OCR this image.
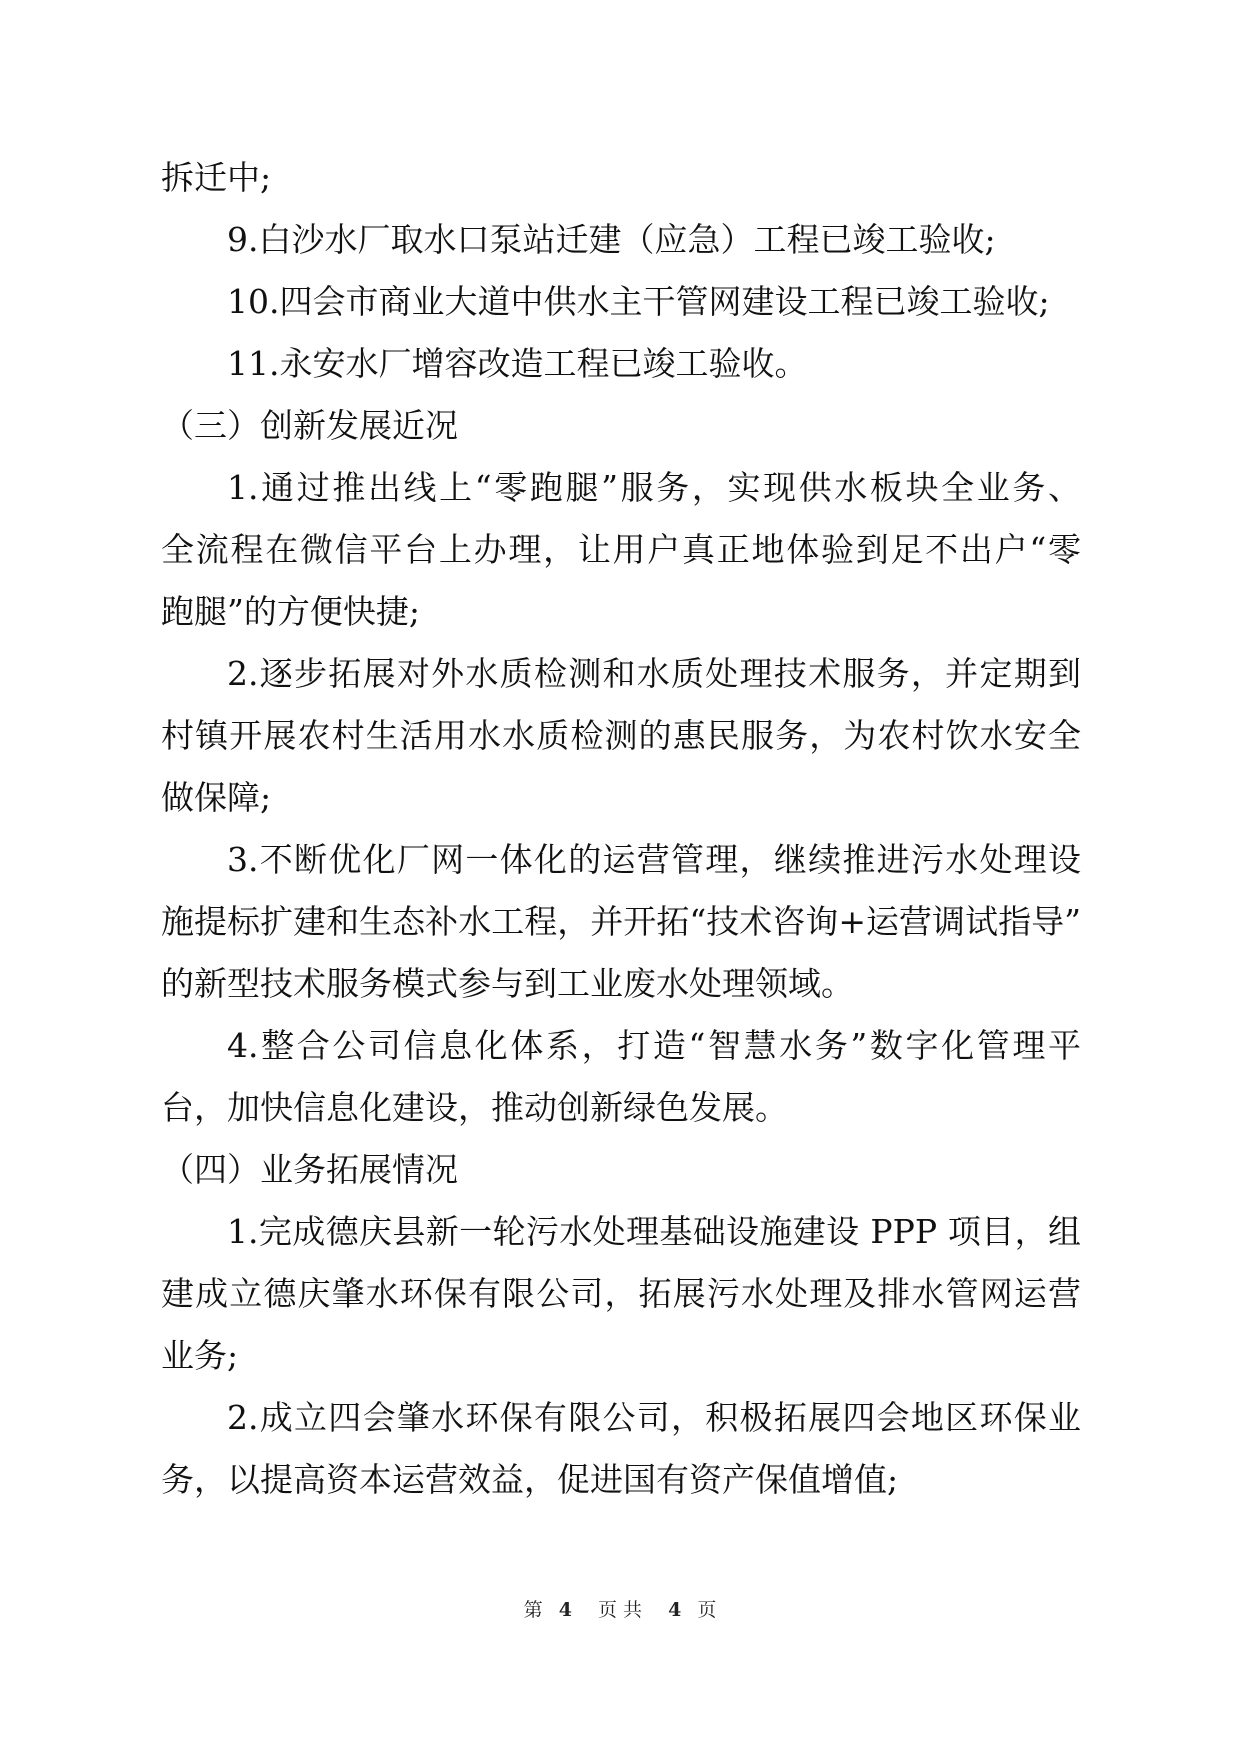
拆迁中;

9.白沙水厂取水口泵站迁建（应急）工程已竣工验收;

10.四会市商业大道中供水主干管网建设工程已竣工验收;

11.永安水厂增容改造工程已竣工验收。

（三）创新发展近况

1.通过推出线上“零跑腿”服务，实现供水板块全业务、

全流程在微信平台上办理，让用户真正地体验到足不出户“零

跑腿”的方便快捷;

2.逐步拓展对外水质检测和水质处理技术服务，并定期到

村镇开展农村生活用水水质检测的惠民服务，为农村饮水安全

做保障;

3.不断优化厂网一体化的运营管理，继续推进污水处理设

施提标扩建和生态补水工程，并开拓“技术咨询+运营调试指导”

的新型技术服务模式参与到工业废水处理领域。

4.整合公司信息化体系，打造“智慧水务”数字化管理平

台，加快信息化建设，推动创新绿色发展。

（四）业务拓展情况

1.完成德庆县新一轮污水处理基础设施建设 PPP 项目，组

建成立德庆肇水环保有限公司，拓展污水处理及排水管网运营

业务;

2.成立四会肇水环保有限公司，积极拓展四会地区环保业

务，以提高资本运营效益，促进国有资产保值增值;

第 4 页 共 4 页
